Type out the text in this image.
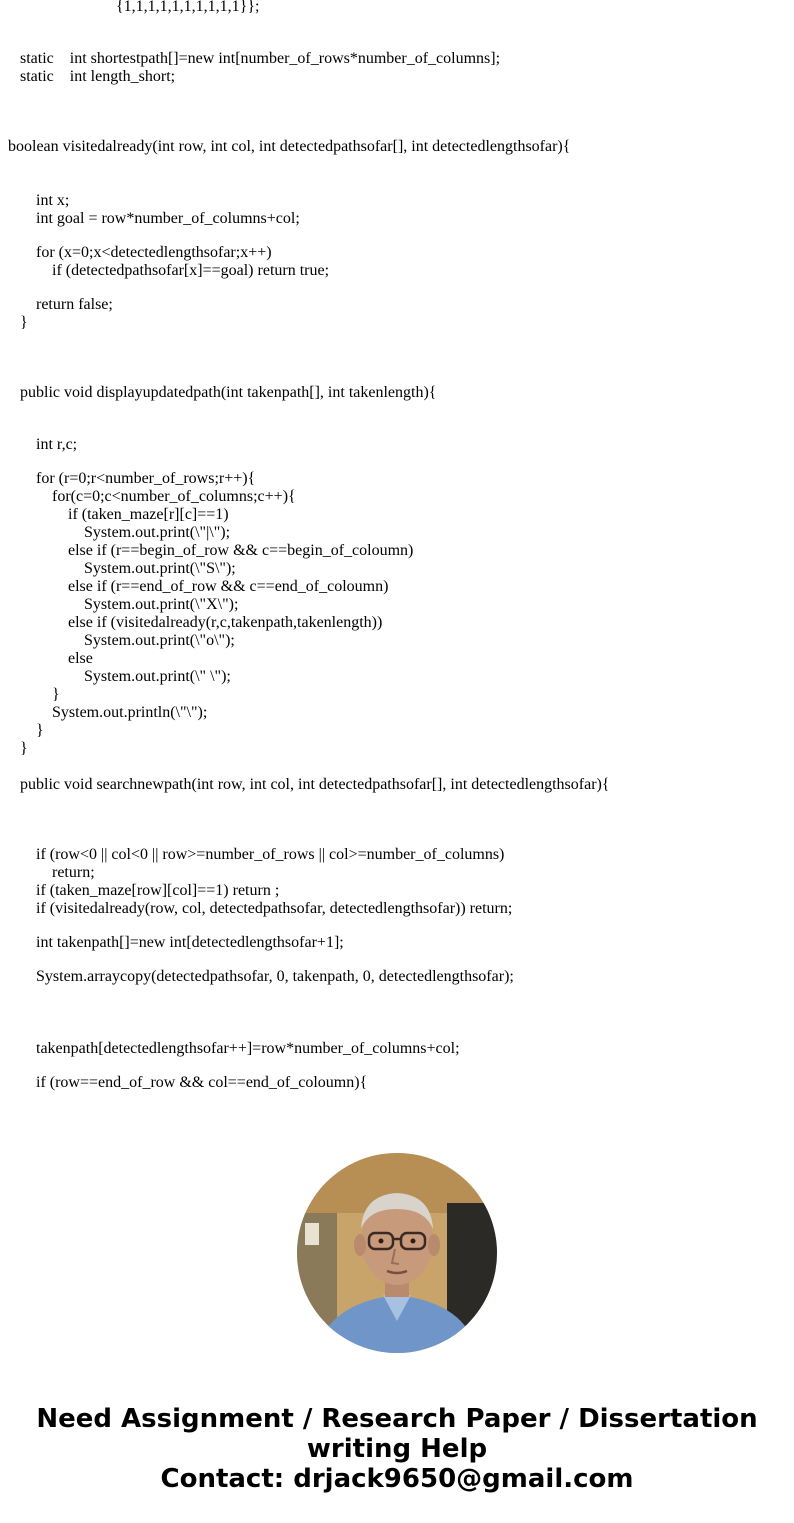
{1,1,1,1,1,1,1,1,1,1}};
static    int shortestpath[]=new int[number_of_rows*number_of_columns];
static    int length_short;
boolean visitedalready(int row, int col, int detectedpathsofar[], int detectedlengthsofar){
int x;
int goal = row*number_of_columns+col;
for (x=0;x<detectedlengthsofar;x++)
if (detectedpathsofar[x]==goal) return true;
return false;
}
public void displayupdatedpath(int takenpath[], int takenlength){
int r,c;
for (r=0;r<number_of_rows;r++){
for(c=0;c<number_of_columns;c++){
if (taken_maze[r][c]==1)
System.out.print(\"|\");
else if (r==begin_of_row && c==begin_of_coloumn)
System.out.print(\"S\");
else if (r==end_of_row && c==end_of_coloumn)
System.out.print(\"X\");
else if (visitedalready(r,c,takenpath,takenlength))
System.out.print(\"o\");
else
System.out.print(\" \");
}
System.out.println(\"\");
}
}
public void searchnewpath(int row, int col, int detectedpathsofar[], int detectedlengthsofar){
if (row<0 || col<0 || row>=number_of_rows || col>=number_of_columns)
return;
if (taken_maze[row][col]==1) return ;
if (visitedalready(row, col, detectedpathsofar, detectedlengthsofar)) return;
int takenpath[]=new int[detectedlengthsofar+1];
System.arraycopy(detectedpathsofar, 0, takenpath, 0, detectedlengthsofar);
takenpath[detectedlengthsofar++]=row*number_of_columns+col;
if (row==end_of_row && col==end_of_coloumn){
Need Assignment / Research Paper / Dissertation
writing Help
Contact: drjack9650@gmail.com
